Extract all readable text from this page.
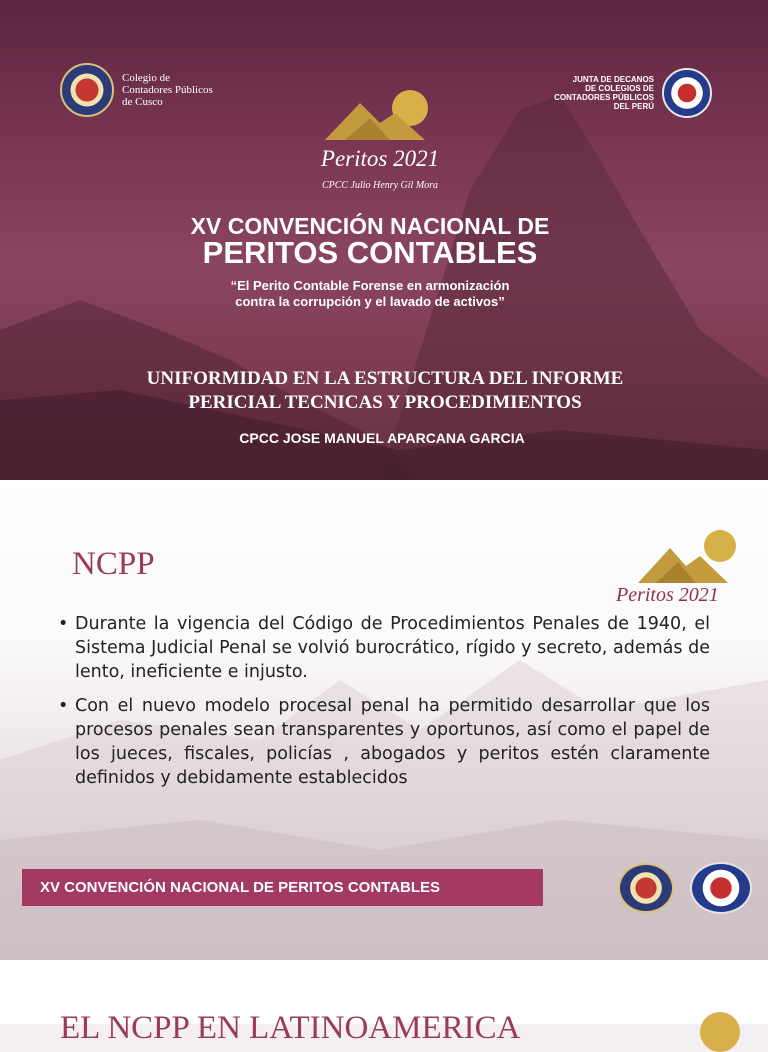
Colegio de
Contadores Públicos
de Cusco
JUNTA DE DECANOS
DE COLEGIOS DE
CONTADORES PÚBLICOS
DEL PERÚ
Peritos 2021
CPCC Julio Henry Gil Mora
XV CONVENCIÓN NACIONAL DE
PERITOS CONTABLES
“El Perito Contable Forense en armonización
contra la corrupción y el lavado de activos”
UNIFORMIDAD EN LA ESTRUCTURA DEL INFORME
PERICIAL TECNICAS Y PROCEDIMIENTOS
CPCC JOSE MANUEL APARCANA GARCIA
NCPP
Peritos 2021
• Durante la vigencia del Código de Procedimientos Penales de 1940, el Sistema Judicial Penal se volvió burocrático, rígido y secreto, además de lento, ineficiente e injusto.
• Con el nuevo modelo procesal penal ha permitido desarrollar que los procesos penales sean transparentes y oportunos, así como el papel de los jueces, fiscales, policías , abogados y peritos estén claramente definidos y debidamente establecidos
XV CONVENCIÓN NACIONAL DE PERITOS CONTABLES
EL NCPP EN LATINOAMERICA
